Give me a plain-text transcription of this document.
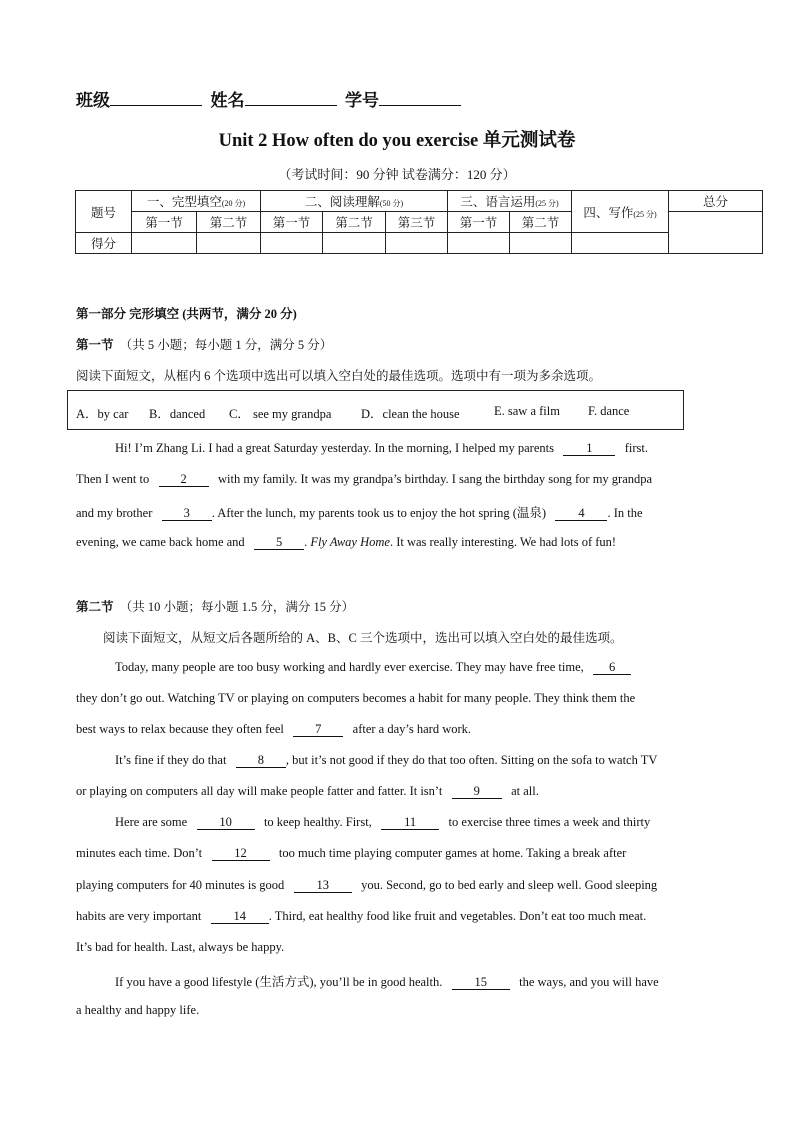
班级	姓名	学号
Unit 2 How often do you exercise 单元测试卷
（考试时间：90 分钟 试卷满分：120 分）
题号	一、完型填空(20 分)		二、阅读理解(50 分)			三、语言运用(25 分)		四、写作(25 分)	总分
	第一节	第二节	第一节	第二节	第三节	第一节	第二节		
得分									
第一部分 完形填空 (共两节，满分 20 分)
第一节 （共 5 小题；每小题 1 分，满分 5 分）
阅读下面短文，从框内 6 个选项中选出可以填入空白处的最佳选项。选项中有一项为多余选项。
A．by car B．danced C． see my grandpa D．clean the house	E. saw a film F. dance
Hi! I’m Zhang Li. I had a great Saturday yesterday. In the morning, I helped my parents	1	first.
Then I went to	2	with my family. It was my grandpa’s birthday. I sang the birthday song for my grandpa
and my brother	3 . After the lunch, my parents took us to enjoy the hot spring (温泉)	4 . In the
evening, we came back home and	5 . Fly Away Home. It was really interesting. We had lots of fun!
第二节 （共 10 小题；每小题 1.5 分，满分 15 分）
阅读下面短文，从短文后各题所给的 A、B、C 三个选项中，选出可以填入空白处的最佳选项。
Today, many people are too busy working and hardly ever exercise. They may have free time, 6
they don’t go out. Watching TV or playing on computers becomes a habit for many people. They think them the
best ways to relax because they often feel	7	after a day’s hard work.
It’s fine if they do that	8 , but it’s not good if they do that too often. Sitting on the sofa to watch TV
or playing on computers all day will make people fatter and fatter. It isn’t	9	at all.
Here are some	10	to keep healthy. First,	11	to exercise three times a week and thirty
minutes each time. Don’t	12	too much time playing computer games at home. Taking a break after
playing computers for 40 minutes is good	13	you. Second, go to bed early and sleep well. Good sleeping
habits are very important	14 . Third, eat healthy food like fruit and vegetables. Don’t eat too much meat.
It’s bad for health. Last, always be happy.
If you have a good lifestyle (生活方式), you’ll be in good health.	15	the ways, and you will have
a healthy and happy life.
